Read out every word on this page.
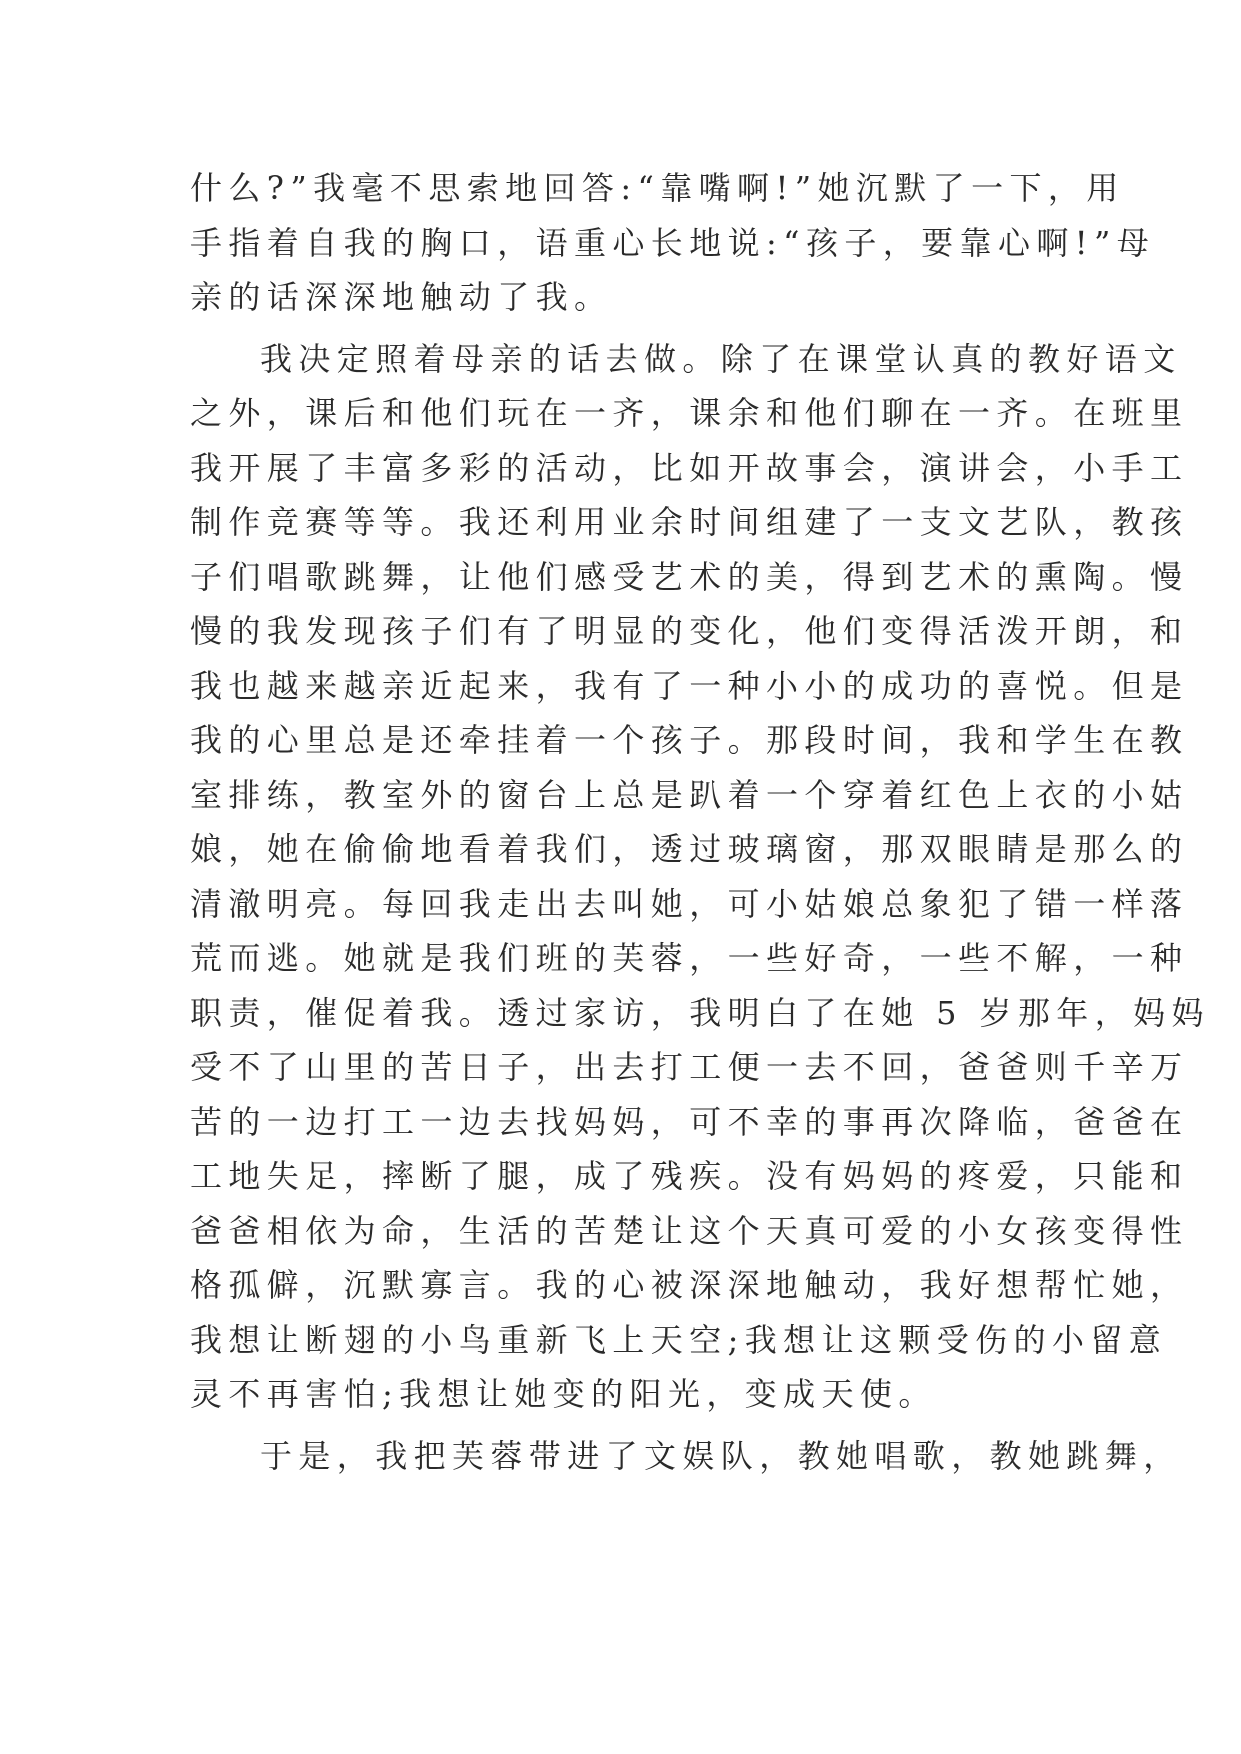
什么?”我毫不思索地回答:“靠嘴啊!”她沉默了一下，用
手指着自我的胸口，语重心长地说:“孩子，要靠心啊!”母
亲的话深深地触动了我。

我决定照着母亲的话去做。除了在课堂认真的教好语文
之外，课后和他们玩在一齐，课余和他们聊在一齐。在班里
我开展了丰富多彩的活动，比如开故事会，演讲会，小手工
制作竞赛等等。我还利用业余时间组建了一支文艺队，教孩
子们唱歌跳舞，让他们感受艺术的美，得到艺术的熏陶。慢
慢的我发现孩子们有了明显的变化，他们变得活泼开朗，和
我也越来越亲近起来，我有了一种小小的成功的喜悦。但是
我的心里总是还牵挂着一个孩子。那段时间，我和学生在教
室排练，教室外的窗台上总是趴着一个穿着红色上衣的小姑
娘，她在偷偷地看着我们，透过玻璃窗，那双眼睛是那么的
清澈明亮。每回我走出去叫她，可小姑娘总象犯了错一样落
荒而逃。她就是我们班的芙蓉，一些好奇，一些不解，一种
职责，催促着我。透过家访，我明白了在她 5 岁那年，妈妈
受不了山里的苦日子，出去打工便一去不回，爸爸则千辛万
苦的一边打工一边去找妈妈，可不幸的事再次降临，爸爸在
工地失足，摔断了腿，成了残疾。没有妈妈的疼爱，只能和
爸爸相依为命，生活的苦楚让这个天真可爱的小女孩变得性
格孤僻，沉默寡言。我的心被深深地触动，我好想帮忙她，
我想让断翅的小鸟重新飞上天空;我想让这颗受伤的小留意
灵不再害怕;我想让她变的阳光，变成天使。

于是，我把芙蓉带进了文娱队，教她唱歌，教她跳舞，
